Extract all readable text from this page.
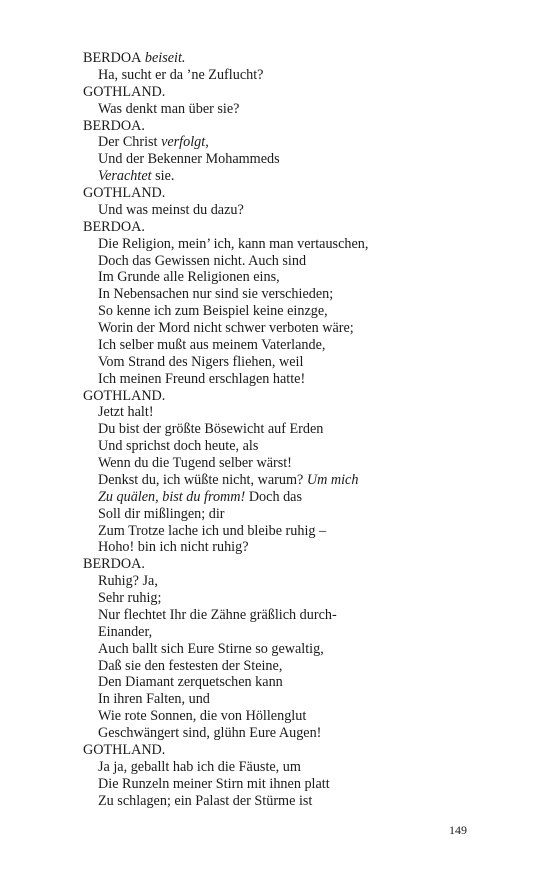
BERDOA beiseit.
Ha, sucht er da ’ne Zuflucht?
GOTHLAND.
Was denkt man über sie?
BERDOA.
Der Christ verfolgt,
Und der Bekenner Mohammeds
Verachtet sie.
GOTHLAND.
Und was meinst du dazu?
BERDOA.
Die Religion, mein’ ich, kann man vertauschen,
Doch das Gewissen nicht. Auch sind
Im Grunde alle Religionen eins,
In Nebensachen nur sind sie verschieden;
So kenne ich zum Beispiel keine einzge,
Worin der Mord nicht schwer verboten wäre;
Ich selber mußt aus meinem Vaterlande,
Vom Strand des Nigers fliehen, weil
Ich meinen Freund erschlagen hatte!
GOTHLAND.
Jetzt halt!
Du bist der größte Bösewicht auf Erden
Und sprichst doch heute, als
Wenn du die Tugend selber wärst!
Denkst du, ich wüßte nicht, warum? Um mich
Zu quälen, bist du fromm! Doch das
Soll dir mißlingen; dir
Zum Trotze lache ich und bleibe ruhig –
Hoho! bin ich nicht ruhig?
BERDOA.
Ruhig? Ja,
Sehr ruhig;
Nur flechtet Ihr die Zähne gräßlich durch-
Einander,
Auch ballt sich Eure Stirne so gewaltig,
Daß sie den festesten der Steine,
Den Diamant zerquetschen kann
In ihren Falten, und
Wie rote Sonnen, die von Höllenglut
Geschwängert sind, glühn Eure Augen!
GOTHLAND.
Ja ja, geballt hab ich die Fäuste, um
Die Runzeln meiner Stirn mit ihnen platt
Zu schlagen; ein Palast der Stürme ist
149
